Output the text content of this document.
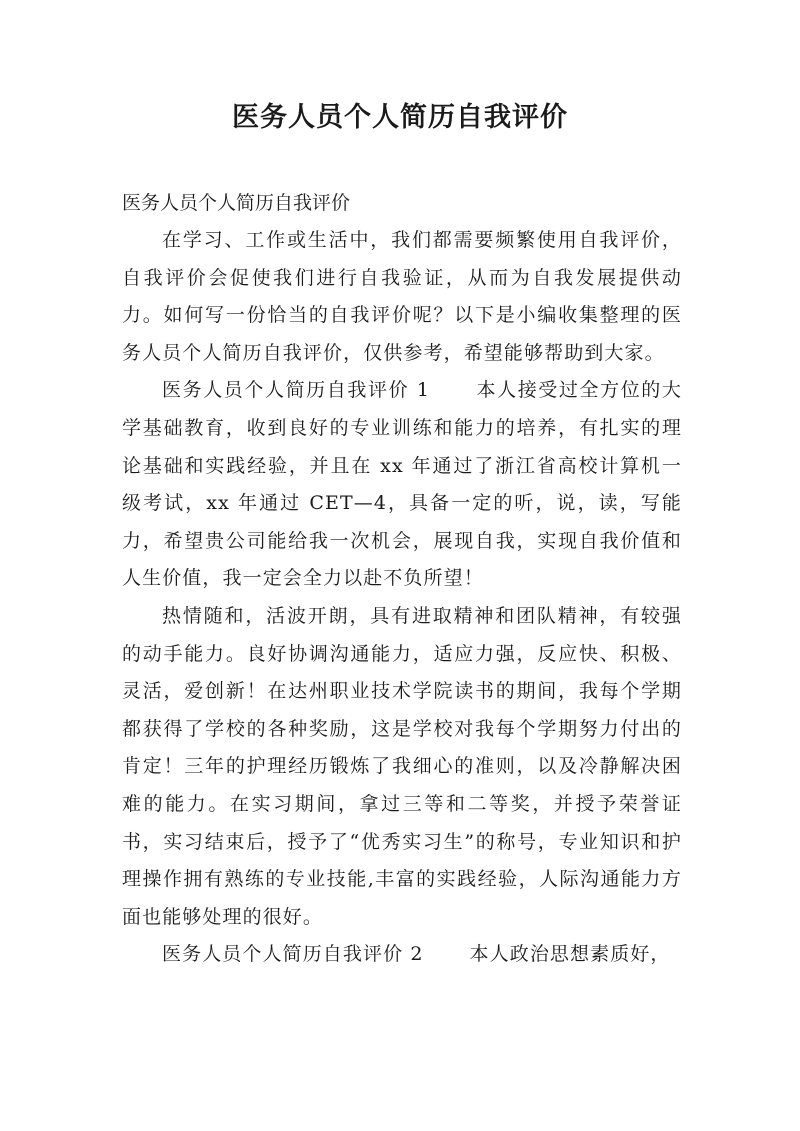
医务人员个人简历自我评价

医务人员个人简历自我评价

在学习、工作或生活中，我们都需要频繁使用自我评价，自我评价会促使我们进行自我验证，从而为自我发展提供动力。如何写一份恰当的自我评价呢？以下是小编收集整理的医务人员个人简历自我评价，仅供参考，希望能够帮助到大家。

医务人员个人简历自我评价 1 本人接受过全方位的大学基础教育，收到良好的专业训练和能力的培养，有扎实的理论基础和实践经验，并且在 xx 年通过了浙江省高校计算机一级考试，xx 年通过 CET—4，具备一定的听，说，读，写能力，希望贵公司能给我一次机会，展现自我，实现自我价值和人生价值，我一定会全力以赴不负所望！

热情随和，活波开朗，具有进取精神和团队精神，有较强的动手能力。良好协调沟通能力，适应力强，反应快、积极、灵活，爱创新！在达州职业技术学院读书的期间，我每个学期都获得了学校的各种奖励，这是学校对我每个学期努力付出的肯定！三年的护理经历锻炼了我细心的准则，以及冷静解决困难的能力。在实习期间，拿过三等和二等奖，并授予荣誉证书，实习结束后，授予了“优秀实习生”的称号，专业知识和护理操作拥有熟练的专业技能,丰富的实践经验，人际沟通能力方面也能够处理的很好。

医务人员个人简历自我评价 2 本人政治思想素质好，
